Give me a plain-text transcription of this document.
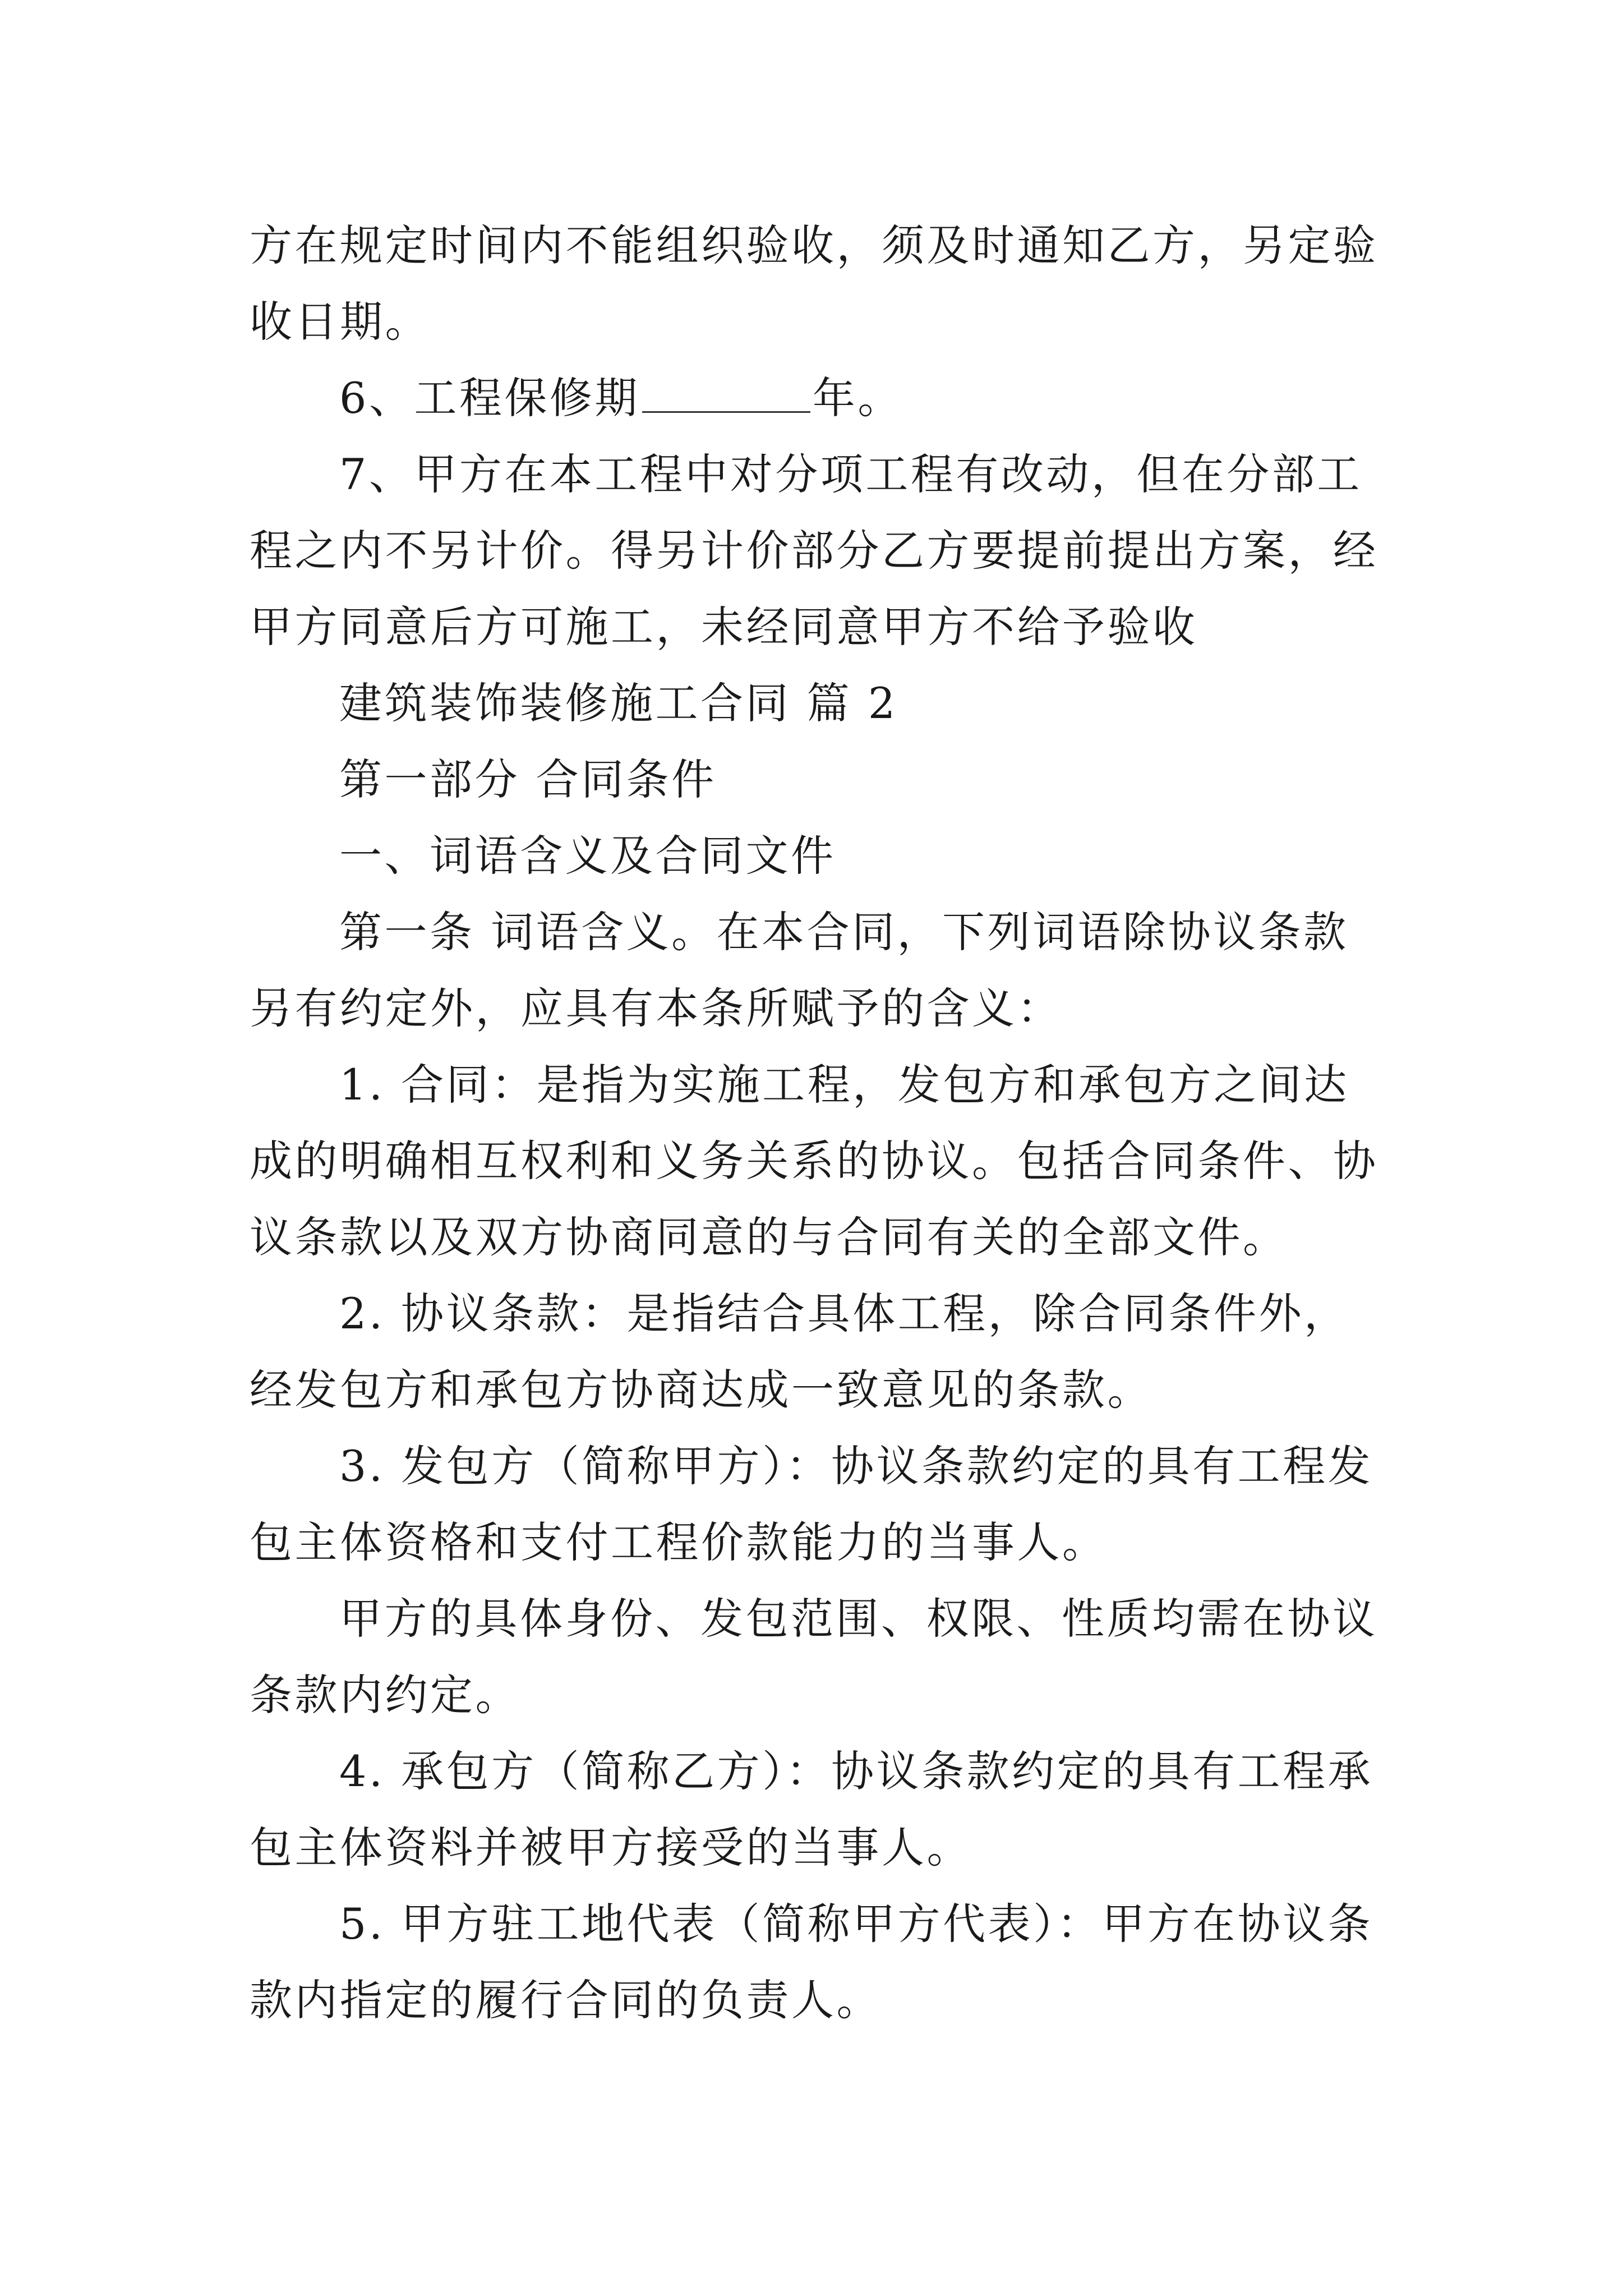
方在规定时间内不能组织验收，须及时通知乙方，另定验收日期。

6、工程保修期	年。

7、甲方在本工程中对分项工程有改动，但在分部工程之内不另计价。得另计价部分乙方要提前提出方案，经甲方同意后方可施工，未经同意甲方不给予验收

建筑装饰装修施工合同 篇 2

第一部分 合同条件

一、词语含义及合同文件

第一条 词语含义。在本合同，下列词语除协议条款另有约定外，应具有本条所赋予的含义：

1. 合同：是指为实施工程，发包方和承包方之间达成的明确相互权利和义务关系的协议。包括合同条件、协议条款以及双方协商同意的与合同有关的全部文件。

2. 协议条款：是指结合具体工程，除合同条件外，经发包方和承包方协商达成一致意见的条款。

3. 发包方（简称甲方）：协议条款约定的具有工程发包主体资格和支付工程价款能力的当事人。

甲方的具体身份、发包范围、权限、性质均需在协议条款内约定。

4. 承包方（简称乙方）：协议条款约定的具有工程承包主体资料并被甲方接受的当事人。

5. 甲方驻工地代表（简称甲方代表）：甲方在协议条款内指定的履行合同的负责人。
